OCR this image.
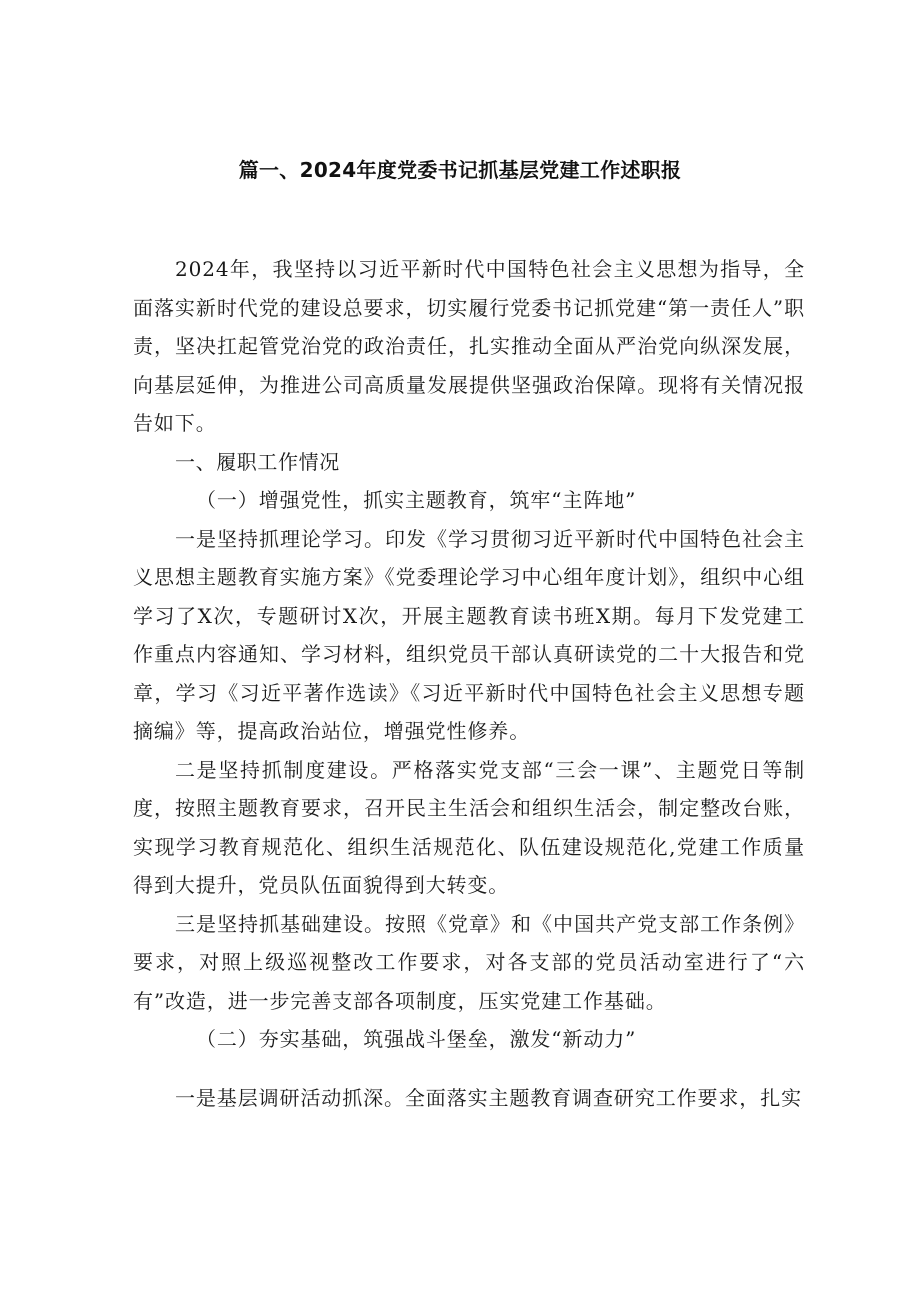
篇一、2024年度党委书记抓基层党建工作述职报

2024年，我坚持以习近平新时代中国特色社会主义思想为指导，全面落实新时代党的建设总要求，切实履行党委书记抓党建“第一责任人”职责，坚决扛起管党治党的政治责任，扎实推动全面从严治党向纵深发展，向基层延伸，为推进公司高质量发展提供坚强政治保障。现将有关情况报告如下。

一、履职工作情况

（一）增强党性，抓实主题教育，筑牢“主阵地”

一是坚持抓理论学习。印发《学习贯彻习近平新时代中国特色社会主义思想主题教育实施方案》《党委理论学习中心组年度计划》，组织中心组学习了X次，专题研讨X次，开展主题教育读书班X期。每月下发党建工作重点内容通知、学习材料，组织党员干部认真研读党的二十大报告和党章，学习《习近平著作选读》《习近平新时代中国特色社会主义思想专题摘编》等，提高政治站位，增强党性修养。

二是坚持抓制度建设。严格落实党支部“三会一课”、主题党日等制度，按照主题教育要求，召开民主生活会和组织生活会，制定整改台账，实现学习教育规范化、组织生活规范化、队伍建设规范化,党建工作质量得到大提升，党员队伍面貌得到大转变。

三是坚持抓基础建设。按照《党章》和《中国共产党支部工作条例》要求，对照上级巡视整改工作要求，对各支部的党员活动室进行了“六有”改造，进一步完善支部各项制度，压实党建工作基础。

（二）夯实基础，筑强战斗堡垒，激发“新动力”

一是基层调研活动抓深。全面落实主题教育调查研究工作要求，扎实
